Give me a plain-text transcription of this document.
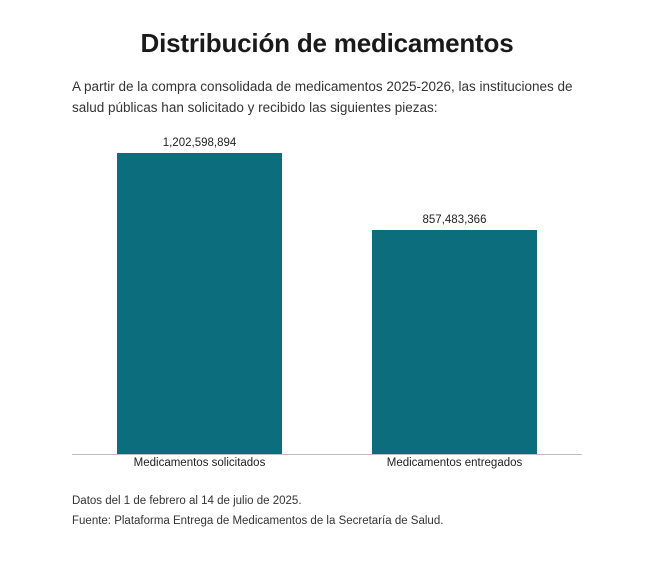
Distribución de medicamentos

A partir de la compra consolidada de medicamentos 2025-2026, las instituciones de salud públicas han solicitado y recibido las siguientes piezas:

1,202,598,894
857,483,366
Medicamentos solicitados	Medicamentos entregados
Datos del 1 de febrero al 14 de julio de 2025.
Fuente: Plataforma Entrega de Medicamentos de la Secretaría de Salud.
